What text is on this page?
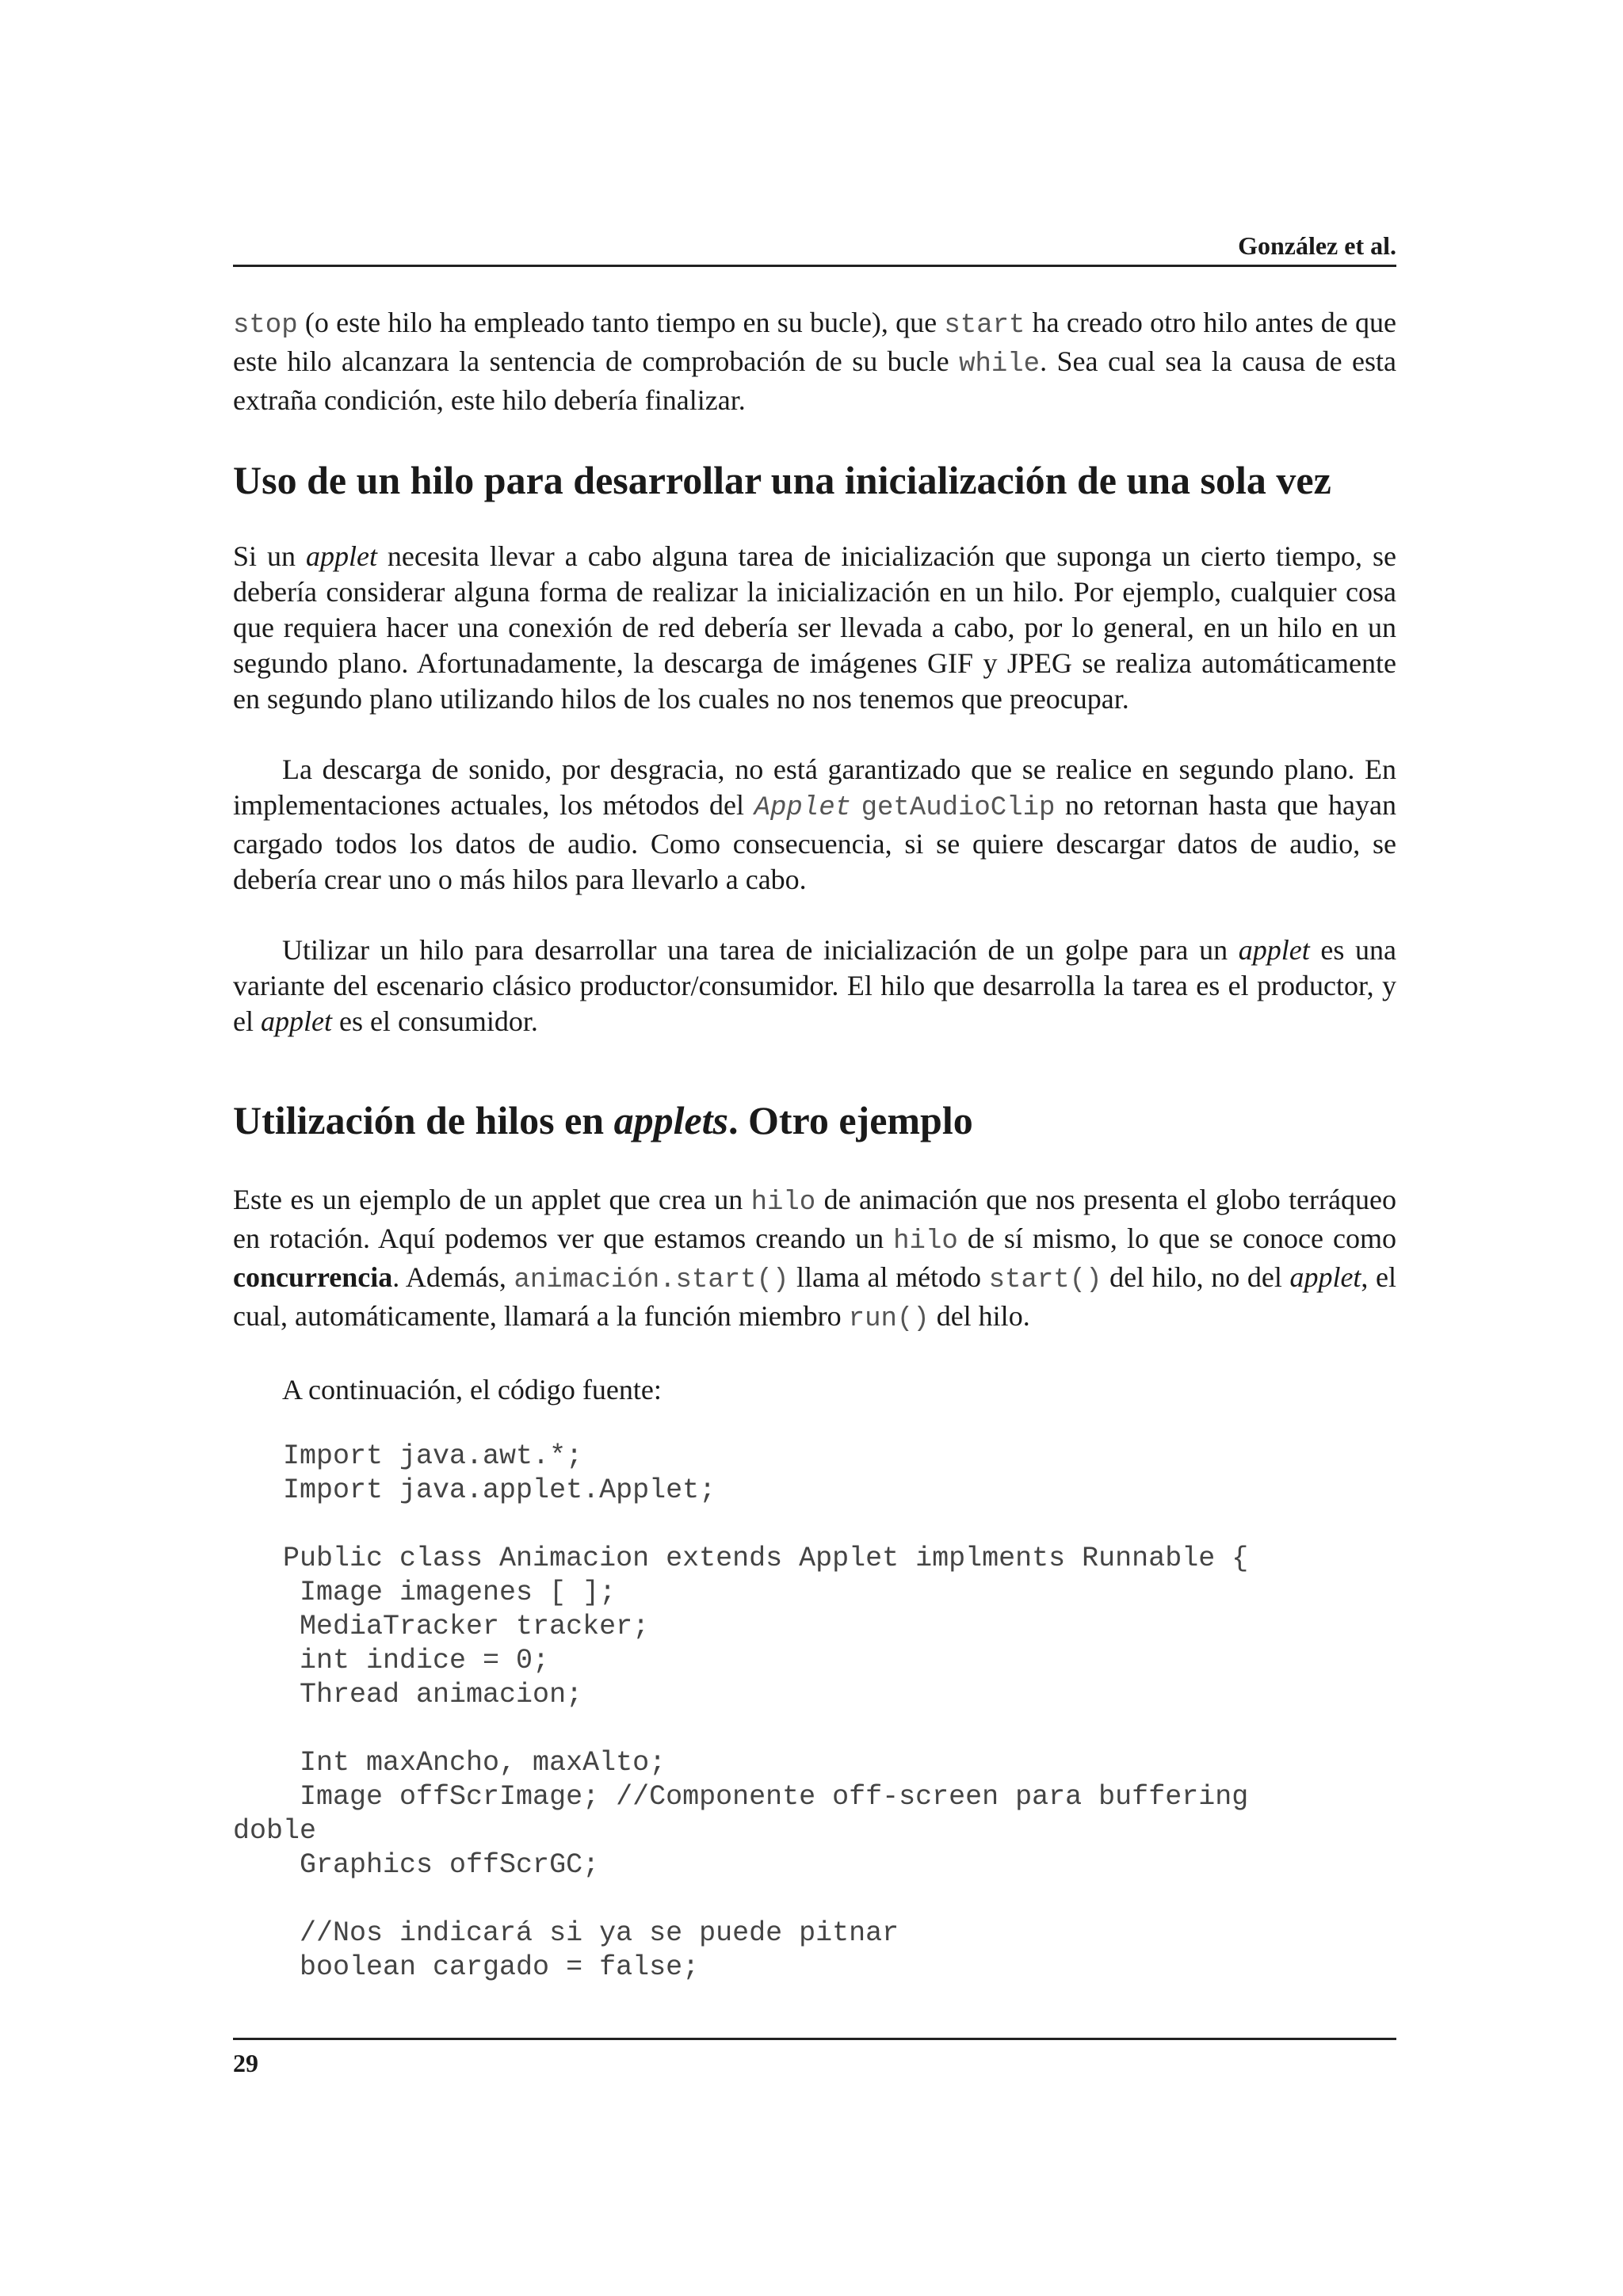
González et al.

stop (o este hilo ha empleado tanto tiempo en su bucle), que start ha creado otro hilo antes de que este hilo alcanzara la sentencia de comprobación de su bucle while. Sea cual sea la causa de esta extraña condición, este hilo debería finalizar.

Uso de un hilo para desarrollar una inicialización de una sola vez

Si un applet necesita llevar a cabo alguna tarea de inicialización que suponga un cierto tiempo, se debería considerar alguna forma de realizar la inicialización en un hilo. Por ejemplo, cualquier cosa que requiera hacer una conexión de red debería ser llevada a cabo, por lo general, en un hilo en un segundo plano. Afortunadamente, la descarga de imágenes GIF y JPEG se realiza automáticamente en segundo plano utilizando hilos de los cuales no nos tenemos que preocupar.

La descarga de sonido, por desgracia, no está garantizado que se realice en segundo plano. En implementaciones actuales, los métodos del Applet getAudioClip no retornan hasta que hayan cargado todos los datos de audio. Como consecuencia, si se quiere descargar datos de audio, se debería crear uno o más hilos para llevarlo a cabo.

Utilizar un hilo para desarrollar una tarea de inicialización de un golpe para un applet es una variante del escenario clásico productor/consumidor. El hilo que desarrolla la tarea es el productor, y el applet es el consumidor.

Utilización de hilos en applets. Otro ejemplo

Este es un ejemplo de un applet que crea un hilo de animación que nos presenta el globo terráqueo en rotación. Aquí podemos ver que estamos creando un hilo de sí mismo, lo que se conoce como concurrencia. Además, animación.start() llama al método start() del hilo, no del applet, el cual, automáticamente, llamará a la función miembro run() del hilo.

A continuación, el código fuente:

Import java.awt.*;
Import java.applet.Applet;

Public class Animacion extends Applet implments Runnable {
Image imagenes [ ];
MediaTracker tracker;
int indice = 0;
Thread animacion;

Int maxAncho, maxAlto;
Image offScrImage; //Componente off-screen para buffering
doble
Graphics offScrGC;

//Nos indicará si ya se puede pitnar
boolean cargado = false;
29
